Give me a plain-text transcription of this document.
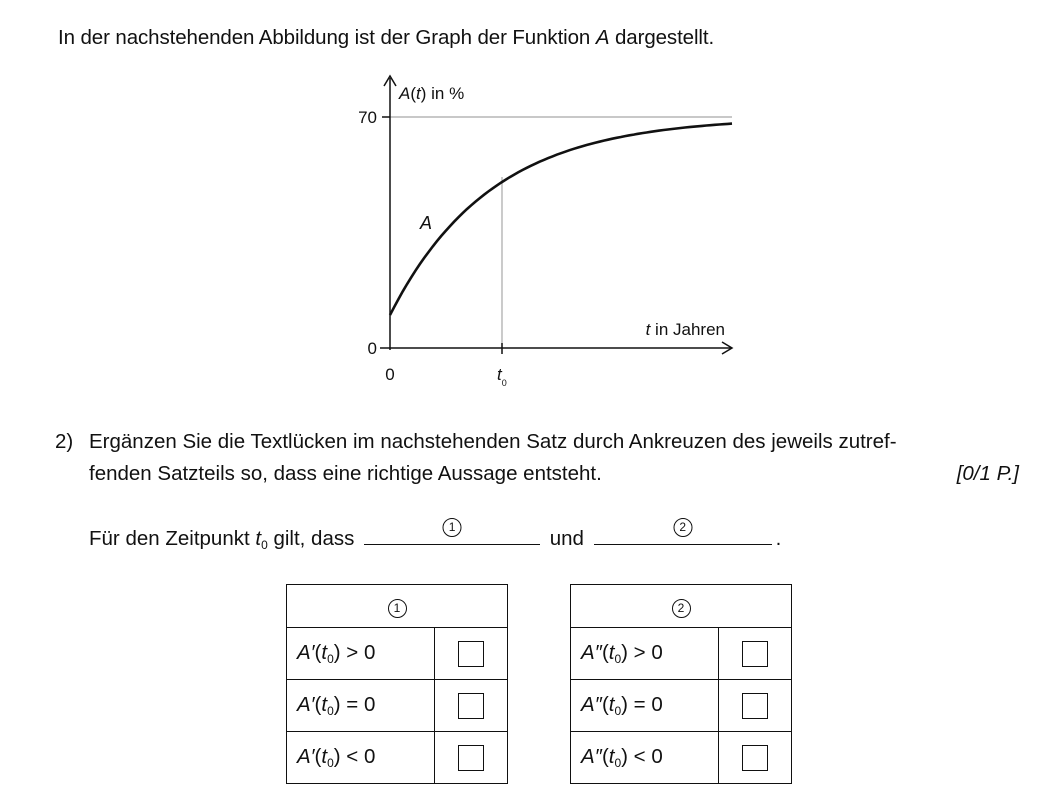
In der nachstehenden Abbildung ist der Graph der Funktion A dargestellt.
A(t) in %
70
0
0	$t_0$
t in Jahren
A
2) Ergänzen Sie die Textlücken im nachstehenden Satz durch Ankreuzen des jeweils zutref-
fenden Satzteils so, dass eine richtige Aussage entsteht.	[0/1 P.]
Für den Zeitpunkt $t_0$ gilt, dass	1	und	2	.
1	
$A'(t_0) > 0$	
$A'(t_0) = 0$	
$A'(t_0) < 0$	
2	
$A''(t_0) > 0$	
$A''(t_0) = 0$	
$A''(t_0) < 0$	
